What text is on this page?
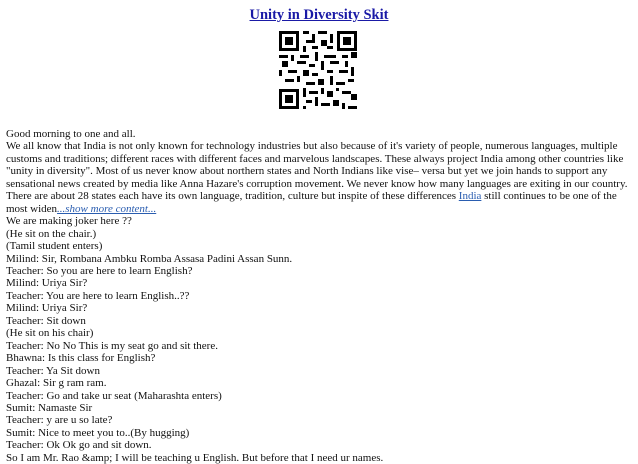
Unity in Diversity Skit
Good morning to one and all.
We all know that India is not only known for technology industries but also because of it's variety of people, numerous languages, multiple customs and traditions; different races with different faces and marvelous landscapes. These always project India among other countries like "unity in diversity". Most of us never know about northern states and North Indians like vise– versa but yet we join hands to support any sensational news created by media like Anna Hazare's corruption movement. We never know how many languages are exiting in our country. There are about 28 states each have its own language, tradition, culture but inspite of these differences India still continues to be one of the most widen...show more content...
We are making joker here ??
(He sit on the chair.)
(Tamil student enters)
Milind: Sir, Rombana Ambku Romba Assasa Padini Assan Sunn.
Teacher: So you are here to learn English?
Milind: Uriya Sir?
Teacher: You are here to learn English..??
Milind: Uriya Sir?
Teacher: Sit down
(He sit on his chair)
Teacher: No No This is my seat go and sit there.
Bhawna: Is this class for English?
Teacher: Ya Sit down
Ghazal: Sir g ram ram.
Teacher: Go and take ur seat (Maharashta enters)
Sumit: Namaste Sir
Teacher: y are u so late?
Sumit: Nice to meet you to..(By hugging)
Teacher: Ok Ok go and sit down.
So I am Mr. Rao &amp; I will be teaching u English. But before that I need ur names.
